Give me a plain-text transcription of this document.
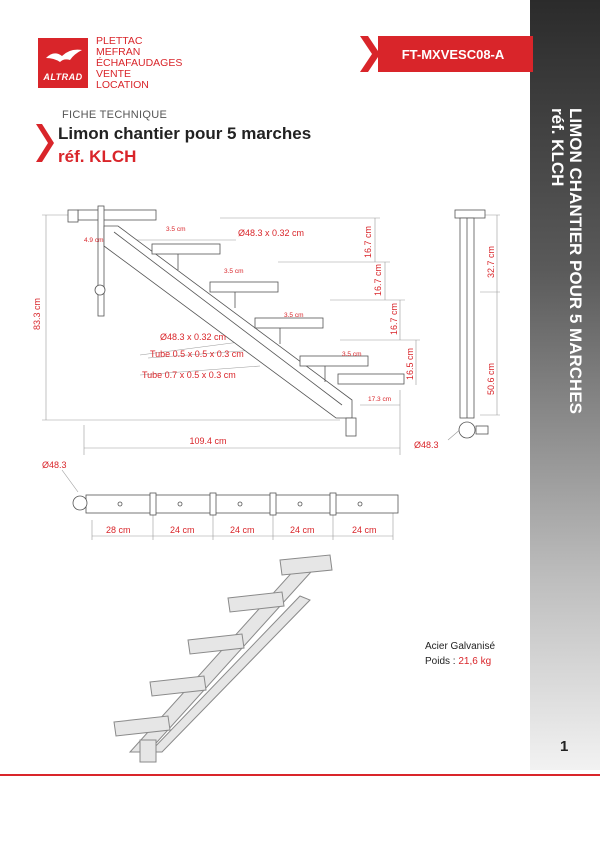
LIMON CHANTIER POUR 5 MARCHES
réf. KLCH
1
ALTRAD
PLETTAC
MEFRAN
ÉCHAFAUDAGES
VENTE
LOCATION
FT-MXVESC08-A
FICHE TECHNIQUE
Limon chantier pour 5 marches
réf. KLCH
83.3 cm
109.4 cm
Ø48.3 x 0.32 cm
Ø48.3 x 0.32 cm
Tube 0.5 x 0.5 x 0.3 cm
Tube 0.7 x 0.5 x 0.3 cm
16.7 cm
16.7 cm
16.7 cm
16.5 cm
17.3 cm
3.5 cm
3.5 cm
3.5 cm
3.5 cm
4.9 cm
32.7 cm
50.6 cm
Ø48.3
Ø48.3
28 cm	24 cm	24 cm	24 cm	24 cm
Acier Galvanisé
Poids : 21,6 kg
